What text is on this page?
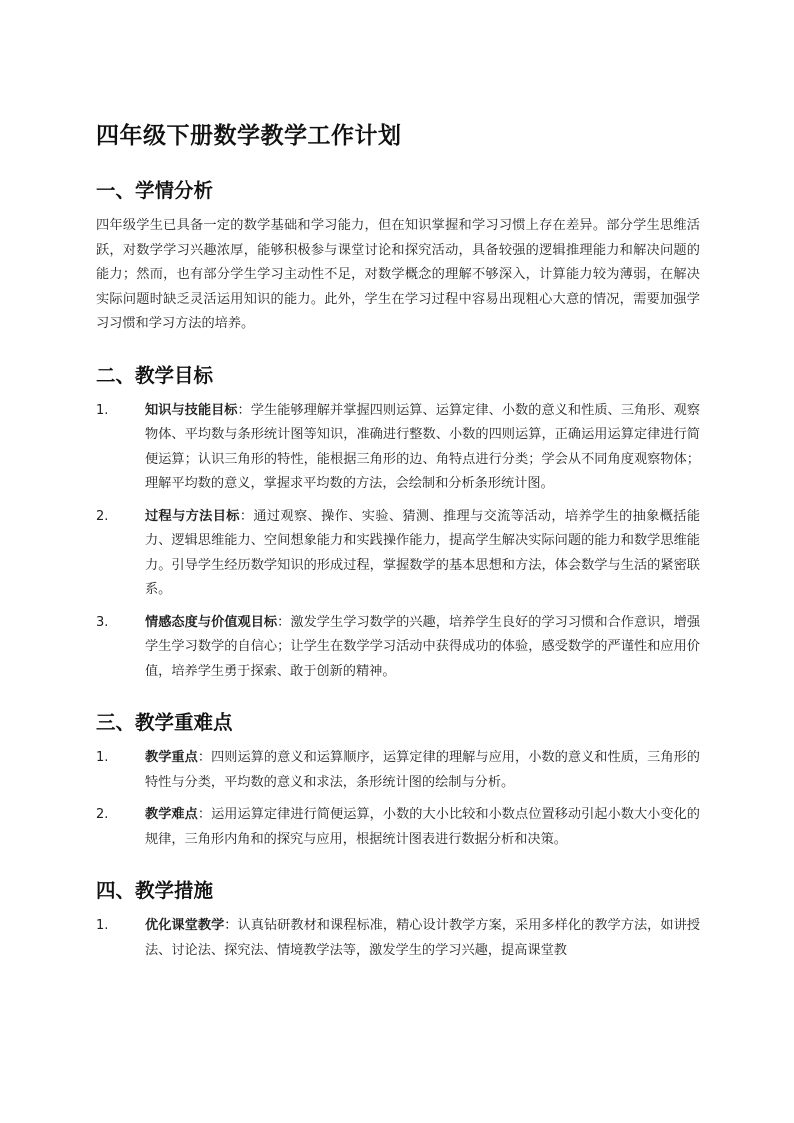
四年级下册数学教学工作计划
一、学情分析

四年级学生已具备一定的数学基础和学习能力，但在知识掌握和学习习惯上存在差异。部分学生思维活跃，对数学学习兴趣浓厚，能够积极参与课堂讨论和探究活动，具备较强的逻辑推理能力和解决问题的能力；然而，也有部分学生学习主动性不足，对数学概念的理解不够深入，计算能力较为薄弱，在解决实际问题时缺乏灵活运用知识的能力。此外，学生在学习过程中容易出现粗心大意的情况，需要加强学习习惯和学习方法的培养。

二、教学目标
1.	知识与技能目标：学生能够理解并掌握四则运算、运算定律、小数的意义和性质、三角形、观察物体、平均数与条形统计图等知识，准确进行整数、小数的四则运算，正确运用运算定律进行简便运算；认识三角形的特性，能根据三角形的边、角特点进行分类；学会从不同角度观察物体；理解平均数的意义，掌握求平均数的方法，会绘制和分析条形统计图。
2.	过程与方法目标：通过观察、操作、实验、猜测、推理与交流等活动，培养学生的抽象概括能力、逻辑思维能力、空间想象能力和实践操作能力，提高学生解决实际问题的能力和数学思维能力。引导学生经历数学知识的形成过程，掌握数学的基本思想和方法，体会数学与生活的紧密联系。
3.	情感态度与价值观目标：激发学生学习数学的兴趣，培养学生良好的学习习惯和合作意识，增强学生学习数学的自信心；让学生在数学学习活动中获得成功的体验，感受数学的严谨性和应用价值，培养学生勇于探索、敢于创新的精神。
三、教学重难点
1.	教学重点：四则运算的意义和运算顺序，运算定律的理解与应用，小数的意义和性质，三角形的特性与分类，平均数的意义和求法，条形统计图的绘制与分析。
2.	教学难点：运用运算定律进行简便运算，小数的大小比较和小数点位置移动引起小数大小变化的规律，三角形内角和的探究与应用，根据统计图表进行数据分析和决策。
四、教学措施
1.	优化课堂教学：认真钻研教材和课程标准，精心设计教学方案，采用多样化的教学方法，如讲授法、讨论法、探究法、情境教学法等，激发学生的学习兴趣，提高课堂教
